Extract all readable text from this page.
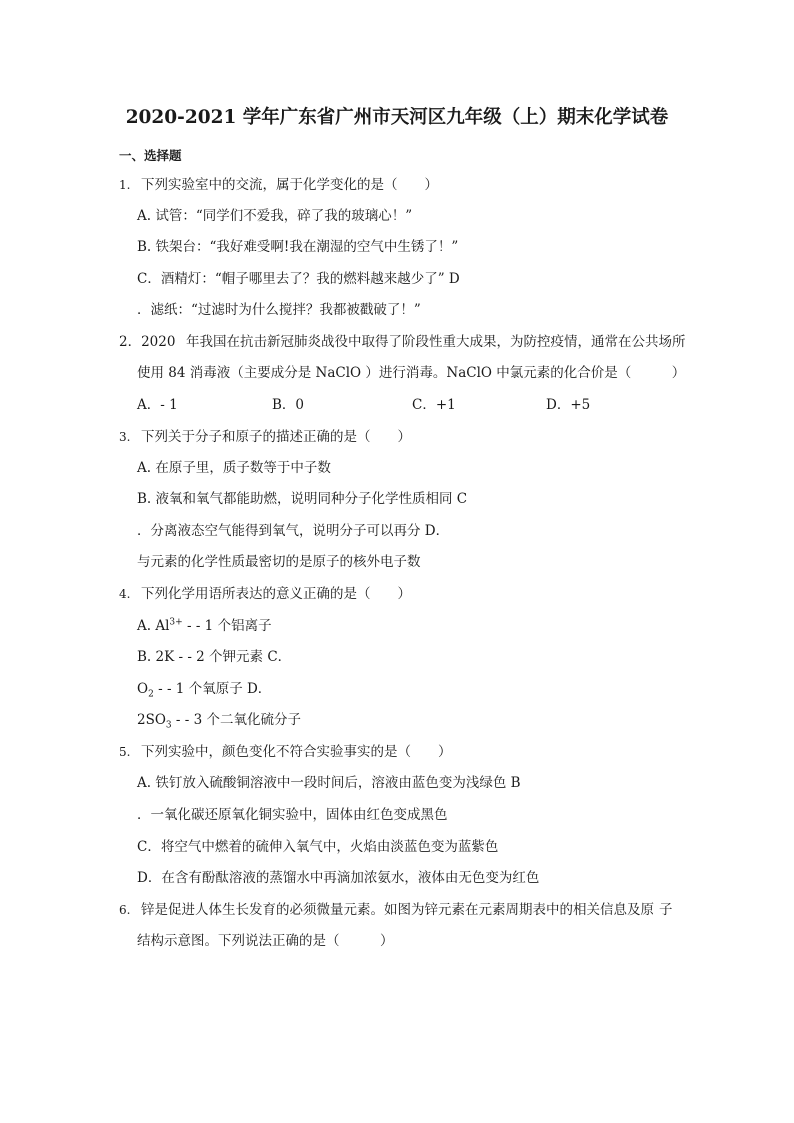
2020-2021 学年广东省广州市天河区九年级（上）期末化学试卷
一、选择题
1. 下列实验室中的交流，属于化学变化的是（　　）
A. 试管：“同学们不爱我，碎了我的玻璃心！”
B. 铁架台：“我好难受啊!我在潮湿的空气中生锈了！”
C．酒精灯：“帽子哪里去了？我的燃料越来越少了” D
．滤纸：“过滤时为什么搅拌？我都被戳破了！”
2．2020 年我国在抗击新冠肺炎战役中取得了阶段性重大成果，为防控疫情，通常在公共场所
使用 84 消毒液（主要成分是 NaClO ）进行消毒。NaClO 中氯元素的化合价是（　　　）
A．- 1	B．0	C．+1	D．+5
3. 下列关于分子和原子的描述正确的是（　　）
A. 在原子里，质子数等于中子数
B. 液氧和氧气都能助燃，说明同种分子化学性质相同 C
．分离液态空气能得到氧气，说明分子可以再分 D．
与元素的化学性质最密切的是原子的核外电子数
4. 下列化学用语所表达的意义正确的是（　　）
A. $Al^{3+}$ - - 1 个铝离子
B. 2K - - 2 个钾元素 C．
$O_2$ - - 1 个氧原子 D．
$2SO_3$ - - 3 个二氧化硫分子
5. 下列实验中，颜色变化不符合实验事实的是（　　）
A. 铁钉放入硫酸铜溶液中一段时间后，溶液由蓝色变为浅绿色 B
．一氧化碳还原氧化铜实验中，固体由红色变成黑色
C．将空气中燃着的硫伸入氧气中，火焰由淡蓝色变为蓝紫色
D．在含有酚酞溶液的蒸馏水中再滴加浓氨水，液体由无色变为红色
6. 锌是促进人体生长发育的必须微量元素。如图为锌元素在元素周期表中的相关信息及原 子
结构示意图。下列说法正确的是（　　　）
